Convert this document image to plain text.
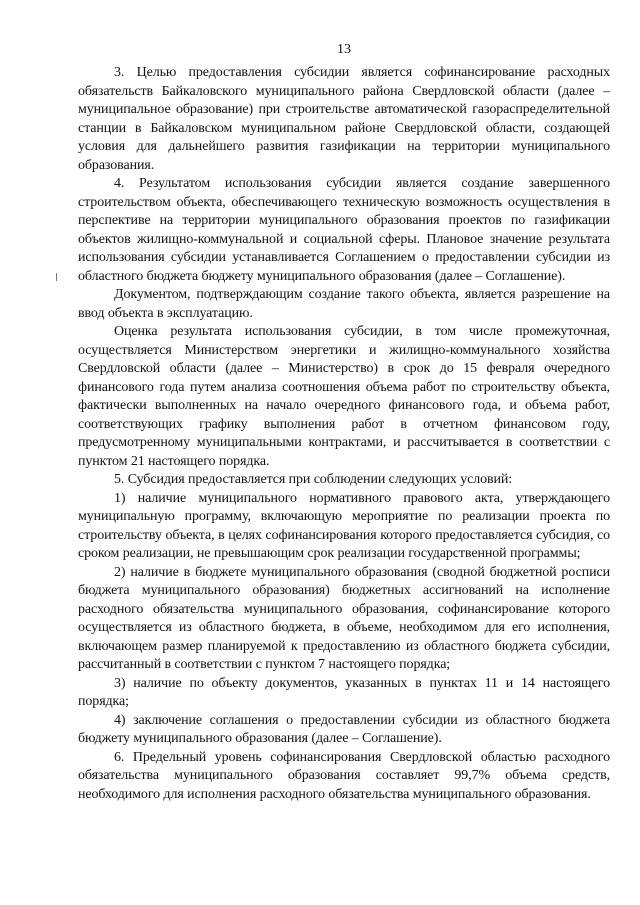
13

3. Целью предоставления субсидии является софинансирование расходных обязательств Байкаловского муниципального района Свердловской области (далее – муниципальное образование) при строительстве автоматической газораспределительной станции в Байкаловском муниципальном районе Свердловской области, создающей условия для дальнейшего развития газификации на территории муниципального образования.

4. Результатом использования субсидии является создание завершенного строительством объекта, обеспечивающего техническую возможность осуществления в перспективе на территории муниципального образования проектов по газификации объектов жилищно-коммунальной и социальной сферы. Плановое значение результата использования субсидии устанавливается Соглашением о предоставлении субсидии из областного бюджета бюджету муниципального образования (далее – Соглашение).

Документом, подтверждающим создание такого объекта, является разрешение на ввод объекта в эксплуатацию.

Оценка результата использования субсидии, в том числе промежуточная, осуществляется Министерством энергетики и жилищно-коммунального хозяйства Свердловской области (далее – Министерство) в срок до 15 февраля очередного финансового года путем анализа соотношения объема работ по строительству объекта, фактически выполненных на начало очередного финансового года, и объема работ, соответствующих графику выполнения работ в отчетном финансовом году, предусмотренному муниципальными контрактами, и рассчитывается в соответствии с пунктом 21 настоящего порядка.

5. Субсидия предоставляется при соблюдении следующих условий:

1) наличие муниципального нормативного правового акта, утверждающего муниципальную программу, включающую мероприятие по реализации проекта по строительству объекта, в целях софинансирования которого предоставляется субсидия, со сроком реализации, не превышающим срок реализации государственной программы;

2) наличие в бюджете муниципального образования (сводной бюджетной росписи бюджета муниципального образования) бюджетных ассигнований на исполнение расходного обязательства муниципального образования, софинансирование которого осуществляется из областного бюджета, в объеме, необходимом для его исполнения, включающем размер планируемой к предоставлению из областного бюджета субсидии, рассчитанный в соответствии с пунктом 7 настоящего порядка;

3) наличие по объекту документов, указанных в пунктах 11 и 14 настоящего порядка;

4) заключение соглашения о предоставлении субсидии из областного бюджета бюджету муниципального образования (далее – Соглашение).

6. Предельный уровень софинансирования Свердловской областью расходного обязательства муниципального образования составляет 99,7% объема средств, необходимого для исполнения расходного обязательства муниципального образования.
